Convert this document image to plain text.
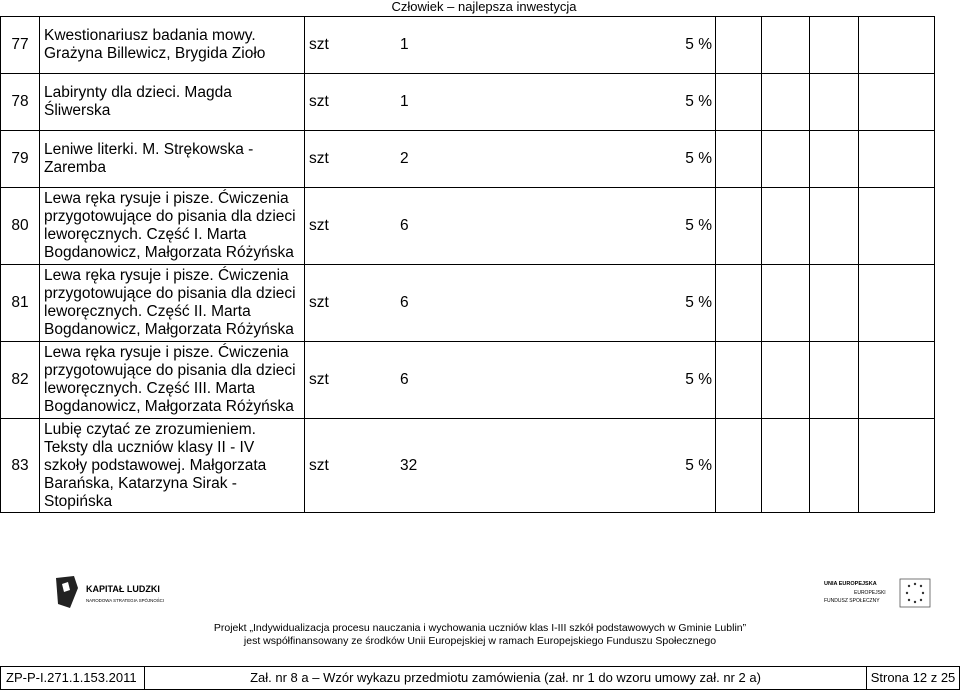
Człowiek – najlepsza inwestycja
77	Kwestionariusz badania mowy. Grażyna Billewicz, Brygida Zioło	szt	1		5 %				

78	Labirynty dla dzieci. Magda Śliwerska	szt	1		5 %				

79	Leniwe literki. M. Strękowska - Zaremba	szt	2		5 %				

80	Lewa ręka rysuje i pisze. Ćwiczenia przygotowujące do pisania dla dzieci leworęcznych. Część I. Marta Bogdanowicz, Małgorzata Różyńska	szt	6		5 %				

81	Lewa ręka rysuje i pisze. Ćwiczenia przygotowujące do pisania dla dzieci leworęcznych. Część II. Marta Bogdanowicz, Małgorzata Różyńska	szt	6		5 %				

82	Lewa ręka rysuje i pisze. Ćwiczenia przygotowujące do pisania dla dzieci leworęcznych. Część III. Marta Bogdanowicz, Małgorzata Różyńska	szt	6		5 %				

83	Lubię czytać ze zrozumieniem. Teksty dla uczniów klasy II - IV szkoły podstawowej. Małgorzata Barańska, Katarzyna Sirak - Stopińska	szt	32		5 %				

KAPITAŁ LUDZKI
NARODOWA STRATEGIA SPÓJNOŚCI
UNIA EUROPEJSKA
EUROPEJSKI
FUNDUSZ SPOŁECZNY
Projekt „Indywidualizacja procesu nauczania i wychowania uczniów klas I-III szkół podstawowych w Gminie Lublin”
jest współfinansowany ze środków Unii Europejskiej w ramach Europejskiego Funduszu Społecznego
ZP-P-I.271.1.153.2011	Zał. nr 8 a – Wzór wykazu przedmiotu zamówienia (zał. nr 1 do wzoru umowy zał. nr 2 a)	Strona 12 z 25
